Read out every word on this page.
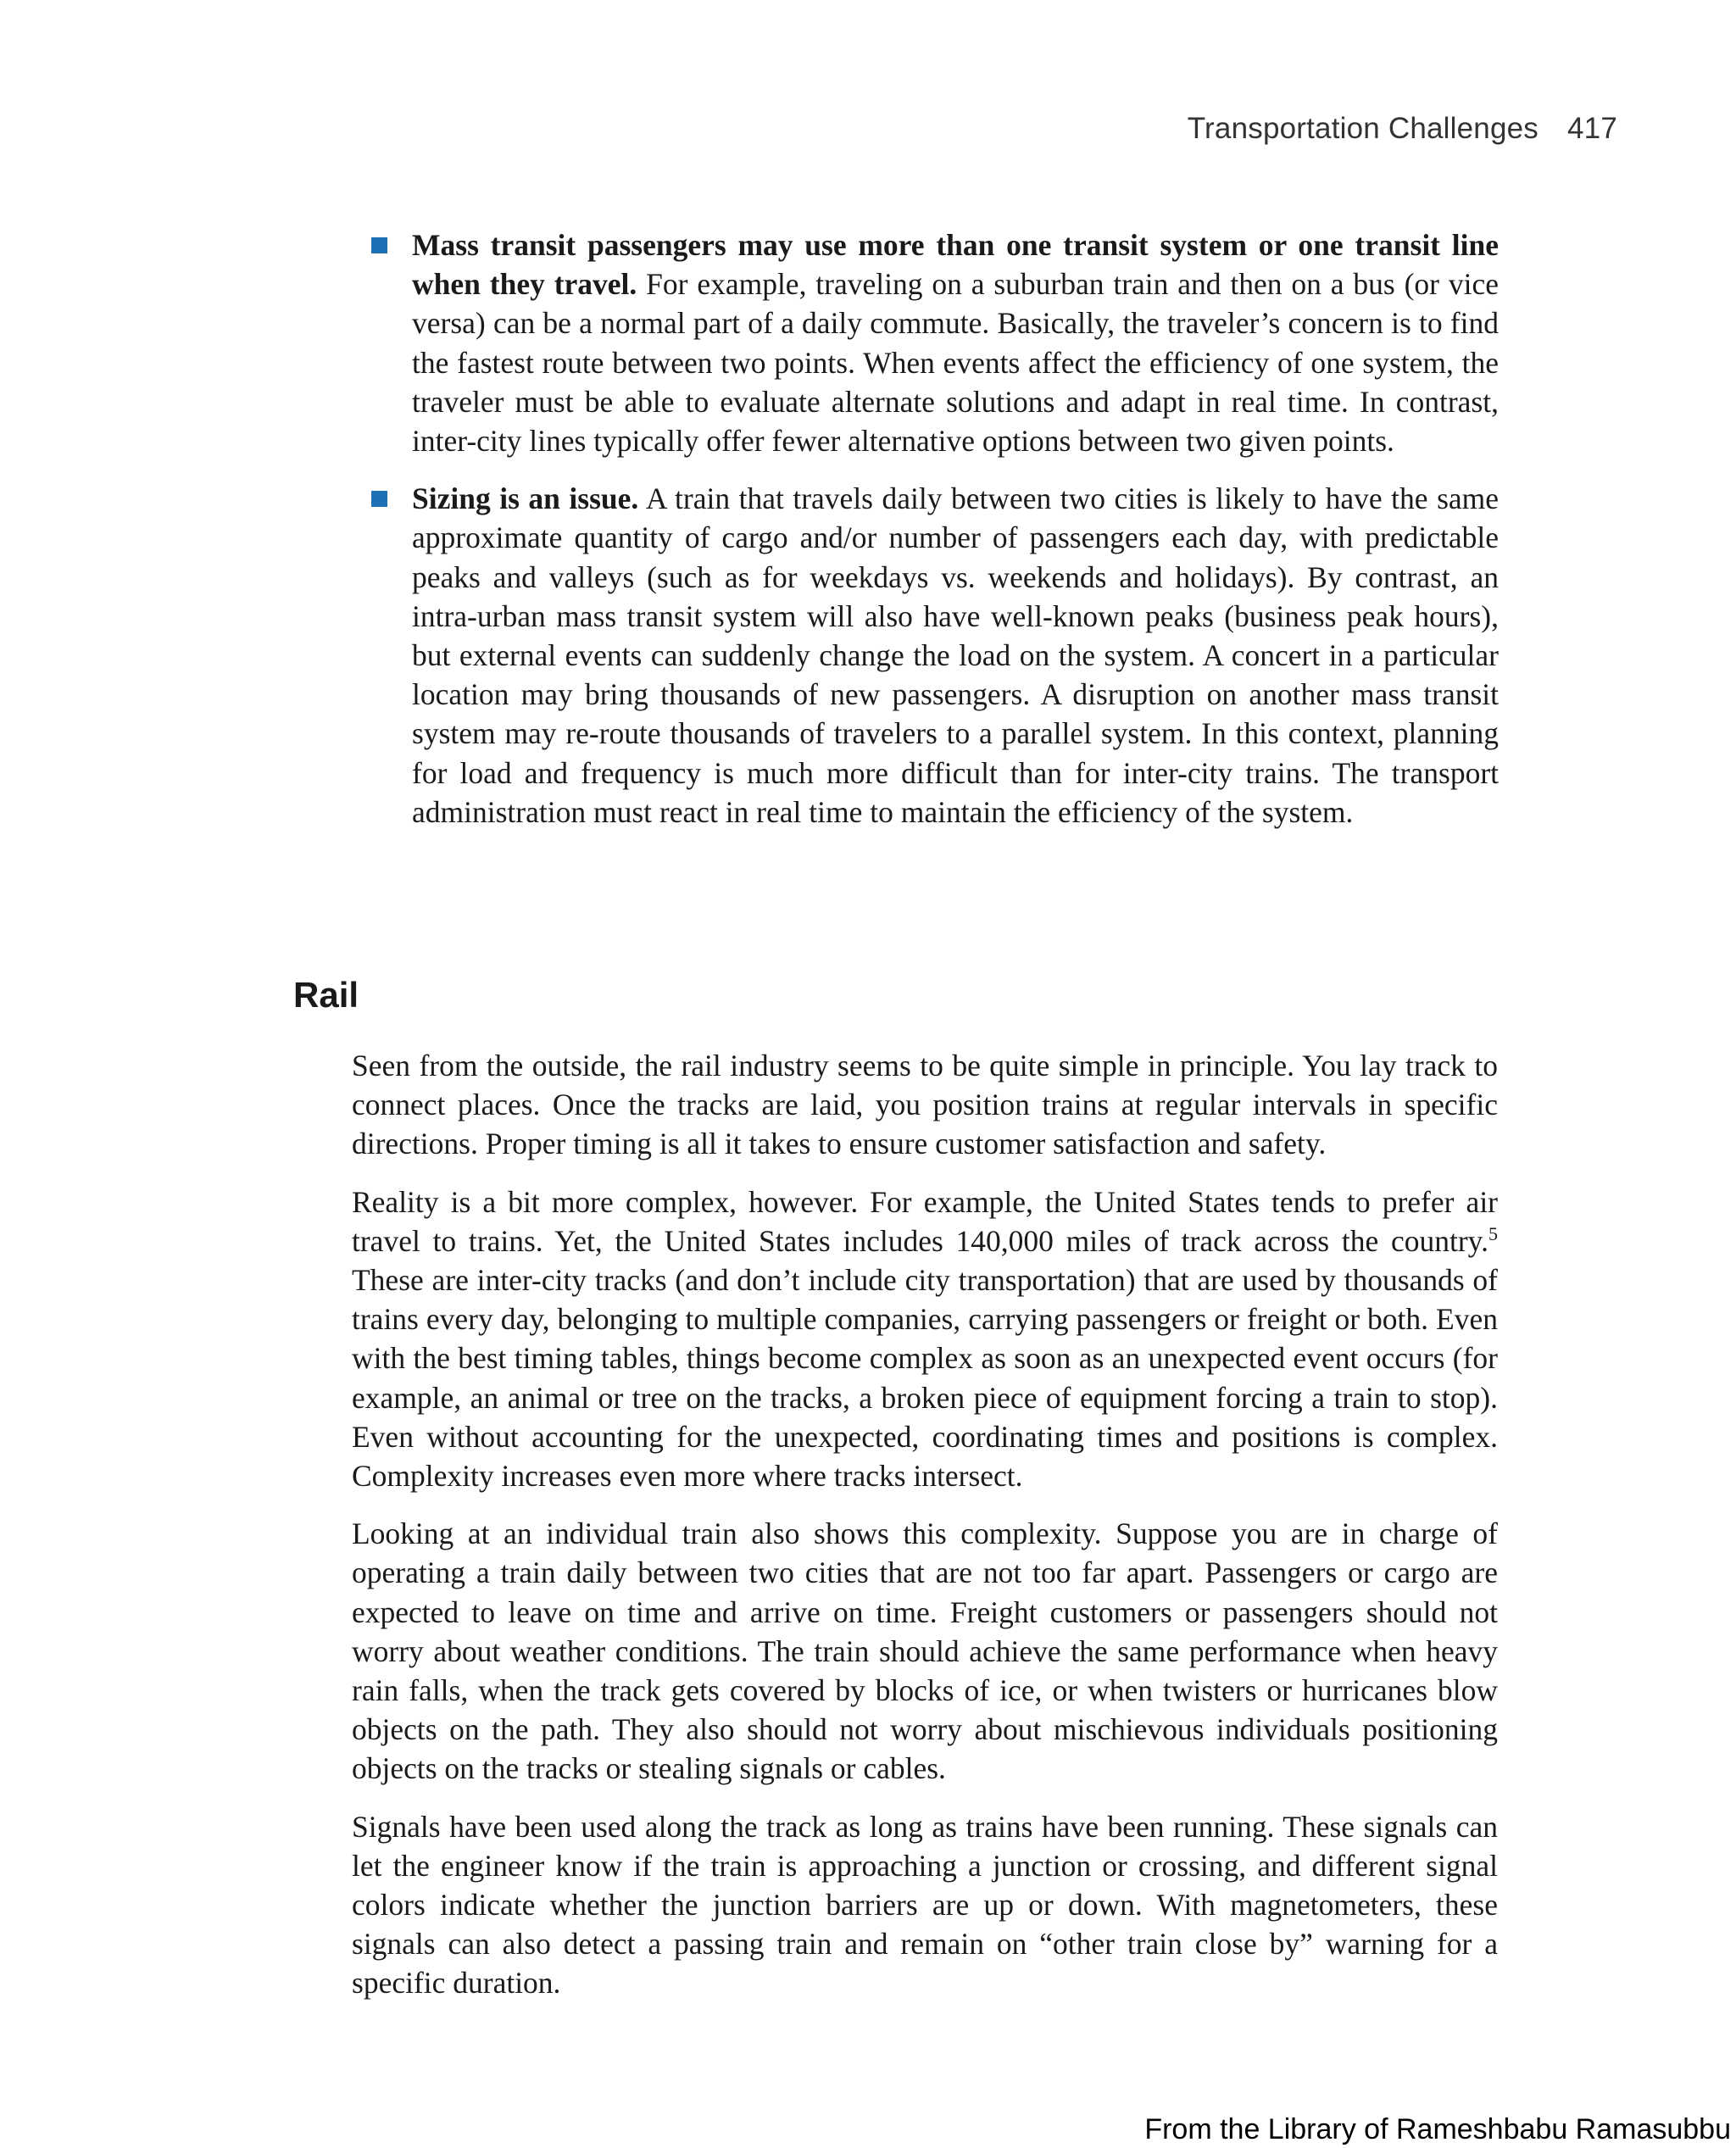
Transportation Challenges 417
Mass transit passengers may use more than one transit system or one transit line when they travel. For example, traveling on a suburban train and then on a bus (or vice versa) can be a normal part of a daily commute. Basically, the traveler’s concern is to find the fastest route between two points. When events affect the efficiency of one system, the traveler must be able to evaluate alternate solutions and adapt in real time. In contrast, inter-city lines typically offer fewer alternative options between two given points.
Sizing is an issue. A train that travels daily between two cities is likely to have the same approximate quantity of cargo and/or number of passengers each day, with predictable peaks and valleys (such as for weekdays vs. weekends and holidays). By contrast, an intra-urban mass transit system will also have well-known peaks (business peak hours), but external events can suddenly change the load on the system. A concert in a particular location may bring thousands of new passengers. A disruption on another mass transit system may re-route thousands of travelers to a parallel system. In this context, planning for load and frequency is much more difficult than for inter-city trains. The transport administration must react in real time to maintain the efficiency of the system.
Rail

Seen from the outside, the rail industry seems to be quite simple in principle. You lay track to connect places. Once the tracks are laid, you position trains at regular intervals in specific directions. Proper timing is all it takes to ensure customer satisfaction and safety.

Reality is a bit more complex, however. For example, the United States tends to prefer air travel to trains. Yet, the United States includes 140,000 miles of track across the country.$^5$ These are inter-city tracks (and don’t include city transportation) that are used by thousands of trains every day, belonging to multiple companies, carrying passengers or freight or both. Even with the best timing tables, things become complex as soon as an unexpected event occurs (for example, an animal or tree on the tracks, a broken piece of equipment forcing a train to stop). Even without accounting for the unexpected, coordinating times and positions is complex. Complexity increases even more where tracks intersect.

Looking at an individual train also shows this complexity. Suppose you are in charge of operating a train daily between two cities that are not too far apart. Passengers or cargo are expected to leave on time and arrive on time. Freight customers or passengers should not worry about weather conditions. The train should achieve the same performance when heavy rain falls, when the track gets covered by blocks of ice, or when twisters or hurricanes blow objects on the path. They also should not worry about mischievous individuals positioning objects on the tracks or stealing signals or cables.

Signals have been used along the track as long as trains have been running. These signals can let the engineer know if the train is approaching a junction or crossing, and different signal colors indicate whether the junction barriers are up or down. With magnetometers, these signals can also detect a passing train and remain on “other train close by” warning for a specific duration.

From the Library of Rameshbabu Ramasubbu
